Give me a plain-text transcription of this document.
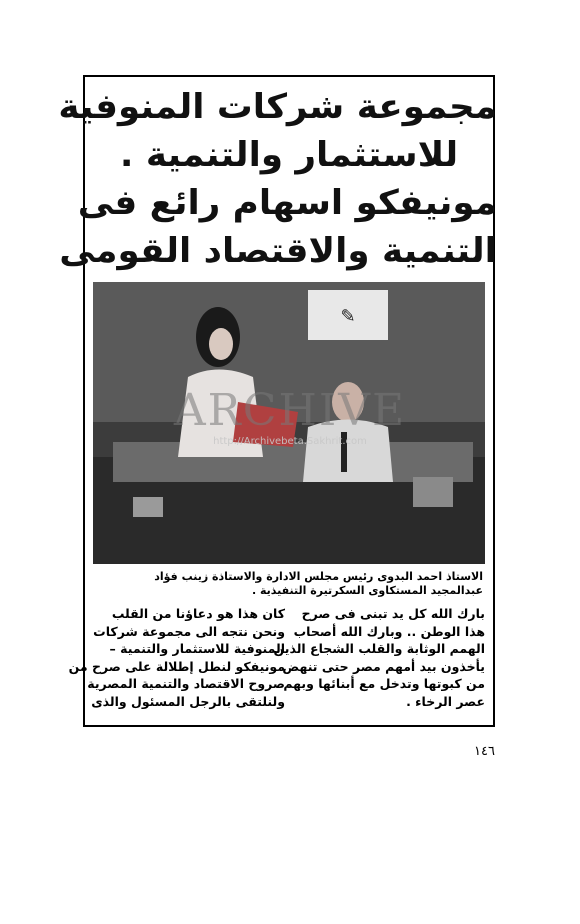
مجموعة شركات المنوفية
للاستثمار والتنمية .
مونيفكو اسهام رائع فى
التنمية والاقتصاد القومى
✎
الاستاذ احمد البدوى رئيس مجلس الادارة والاستاذة زينب فؤاد
عبدالمجيد المستكاوى السكرتيرة التنفيذية .

بارك الله كل يد تبنى فى صرح

هذا الوطن .. وبارك الله أصحاب

الهمم الوثابة والقلب الشجاع الذين

يأخذون بيد أمهم مصر حتى تنهض

من كبوتها وتدخل مع أبنائها وبهم

عصر الرخاء .

كان هذا هو دعاؤنا من القلب

ونحن نتجه الى مجموعة شركات

المنوفية للاستثمار والتنمية –

مونيفكو لنطل إطلالة على صرح من

صروح الاقتصاد والتنمية المصرية

ولنلتقى بالرجل المسئول والذى

ARCHIVE
http://Archivebeta.Sakhrit.com
١٤٦
